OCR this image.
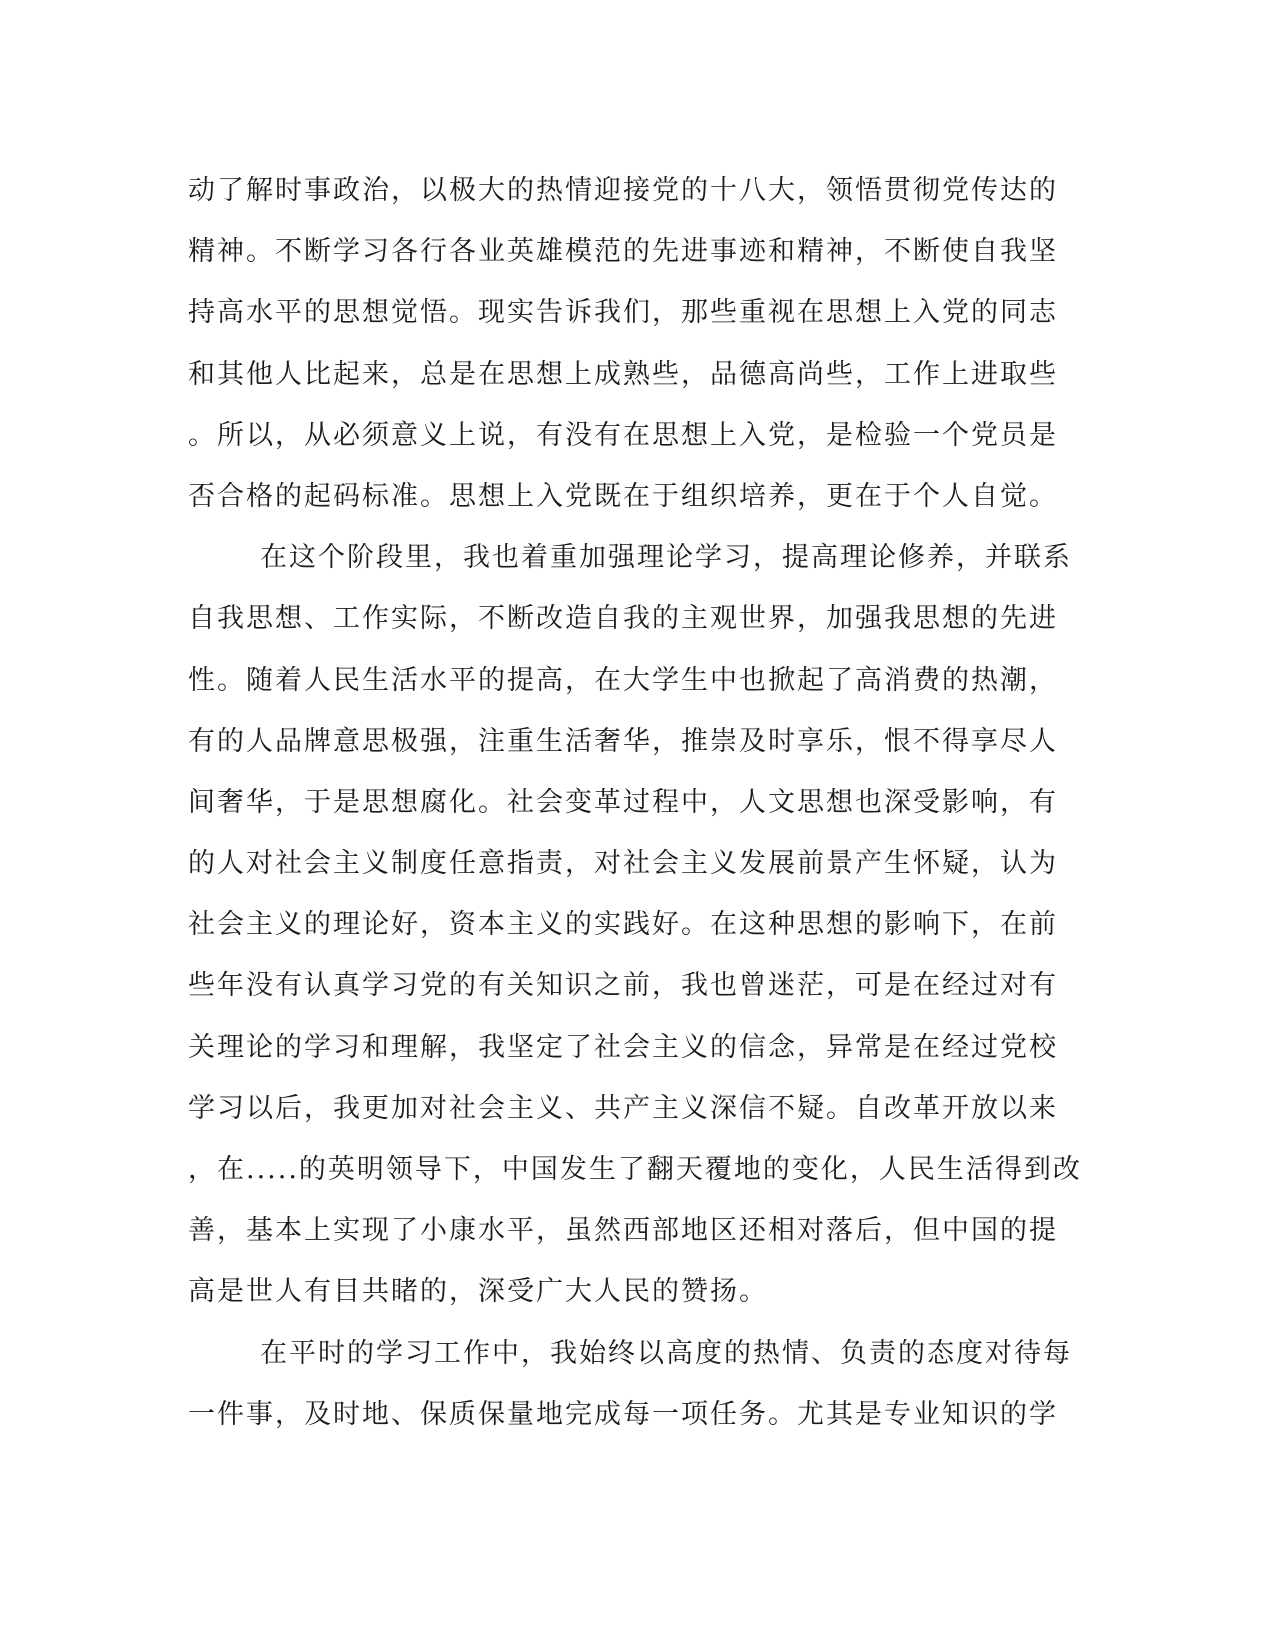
动了解时事政治，以极大的热情迎接党的十八大，领悟贯彻党传达的
精神。不断学习各行各业英雄模范的先进事迹和精神，不断使自我坚
持高水平的思想觉悟。现实告诉我们，那些重视在思想上入党的同志
和其他人比起来，总是在思想上成熟些，品德高尚些，工作上进取些
。所以，从必须意义上说，有没有在思想上入党，是检验一个党员是
否合格的起码标准。思想上入党既在于组织培养，更在于个人自觉。
在这个阶段里，我也着重加强理论学习，提高理论修养，并联系
自我思想、工作实际，不断改造自我的主观世界，加强我思想的先进
性。随着人民生活水平的提高，在大学生中也掀起了高消费的热潮，
有的人品牌意思极强，注重生活奢华，推崇及时享乐，恨不得享尽人
间奢华，于是思想腐化。社会变革过程中，人文思想也深受影响，有
的人对社会主义制度任意指责，对社会主义发展前景产生怀疑，认为
社会主义的理论好，资本主义的实践好。在这种思想的影响下，在前
些年没有认真学习党的有关知识之前，我也曾迷茫，可是在经过对有
关理论的学习和理解，我坚定了社会主义的信念，异常是在经过党校
学习以后，我更加对社会主义、共产主义深信不疑。自改革开放以来
，在.....的英明领导下，中国发生了翻天覆地的变化，人民生活得到改
善，基本上实现了小康水平，虽然西部地区还相对落后，但中国的提
高是世人有目共睹的，深受广大人民的赞扬。
在平时的学习工作中，我始终以高度的热情、负责的态度对待每
一件事，及时地、保质保量地完成每一项任务。尤其是专业知识的学
